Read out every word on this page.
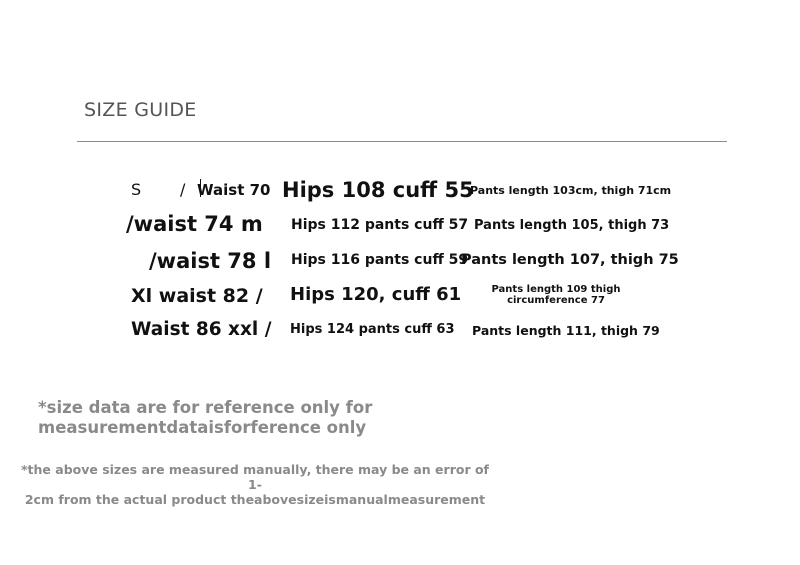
SIZE GUIDE
S / Waist 70 Hips 108 cuff 55
Pants length 103cm, thigh 71cm
/waist 74 m Hips 112 pants cuff 57 Pants length 105, thigh 73
/waist 78 l Hips 116 pants cuff 59
Pants length 107, thigh 75
Xl waist 82 / Hips 120, cuff 61	Pants length 109 thigh
circumference 77
Waist 86 xxl / Hips 124 pants cuff 63 Pants length 111, thigh 79
*size data are for reference only for
measurementdataisforference only
*the above sizes are measured manually, there may be an error of 1-
2cm from the actual product theabovesizeismanualmeasurement
